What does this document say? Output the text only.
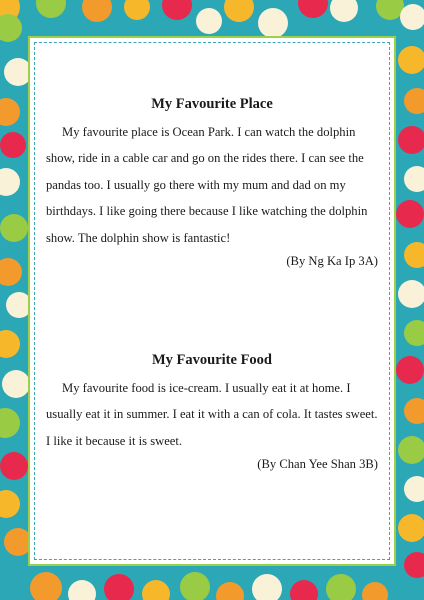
My Favourite Place

My favourite place is Ocean Park. I can watch the dolphin show, ride in a cable car and go on the rides there. I can see the pandas too. I usually go there with my mum and dad on my birthdays. I like going there because I like watching the dolphin show. The dolphin show is fantastic!

(By Ng Ka Ip 3A)

My Favourite Food

My favourite food is ice-cream. I usually eat it at home. I usually eat it in summer. I eat it with a can of cola. It tastes sweet. I like it because it is sweet.

(By Chan Yee Shan 3B)
